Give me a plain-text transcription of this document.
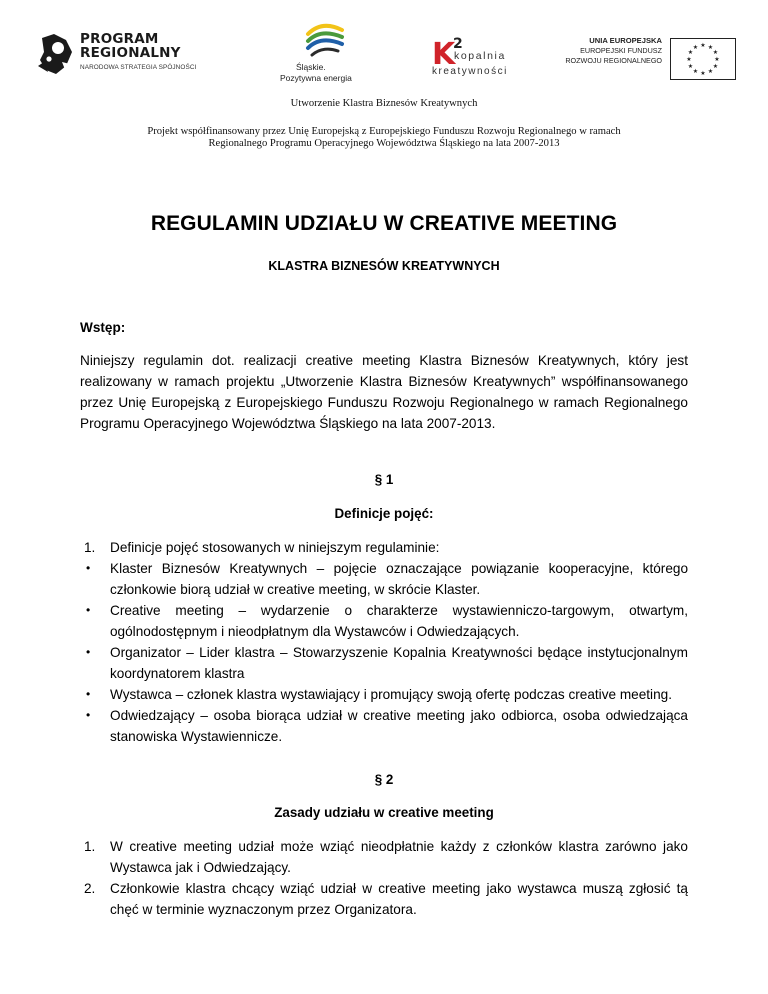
PROGRAM
REGIONALNY
NARODOWA STRATEGIA SPÓJNOŚCI	Śląskie.
Pozytywna energia
K
2
kopalnia
kreatywności
UNIA EUROPEJSKA
EUROPEJSKI FUNDUSZ
ROZWOJU REGIONALNEGO
★ ★
★
★
★
★
★
★
★
★
★
★
Utworzenie Klastra Biznesów Kreatywnych
Projekt współfinansowany przez Unię Europejską z Europejskiego Funduszu Rozwoju Regionalnego w ramach
Regionalnego Programu Operacyjnego Województwa Śląskiego na lata 2007-2013
REGULAMIN UDZIAŁU W CREATIVE MEETING
KLASTRA BIZNESÓW KREATYWNYCH
Wstęp:
Niniejszy regulamin dot. realizacji creative meeting Klastra Biznesów Kreatywnych, który jest realizowany w ramach projektu „Utworzenie Klastra Biznesów Kreatywnych” współfinansowanego przez Unię Europejską z Europejskiego Funduszu Rozwoju Regionalnego w ramach Regionalnego Programu Operacyjnego Województwa Śląskiego na lata 2007-2013.
§ 1
Definicje pojęć:
1. Definicje pojęć stosowanych w niniejszym regulaminie:
• Klaster Biznesów Kreatywnych – pojęcie oznaczające powiązanie kooperacyjne, którego członkowie biorą udział w creative meeting, w skrócie Klaster.
• Creative meeting – wydarzenie o charakterze wystawienniczo-targowym, otwartym, ogólnodostępnym i nieodpłatnym dla Wystawców i Odwiedzających.
• Organizator – Lider klastra – Stowarzyszenie Kopalnia Kreatywności będące instytucjonalnym koordynatorem klastra
• Wystawca – członek klastra wystawiający i promujący swoją ofertę podczas creative meeting.
• Odwiedzający – osoba biorąca udział w creative meeting jako odbiorca, osoba odwiedzająca stanowiska Wystawiennicze.
§ 2
Zasady udziału w creative meeting
1. W creative meeting udział może wziąć nieodpłatnie każdy z członków klastra zarówno jako Wystawca jak i Odwiedzający.
2. Członkowie klastra chcący wziąć udział w creative meeting jako wystawca muszą zgłosić tą chęć w terminie wyznaczonym przez Organizatora.
